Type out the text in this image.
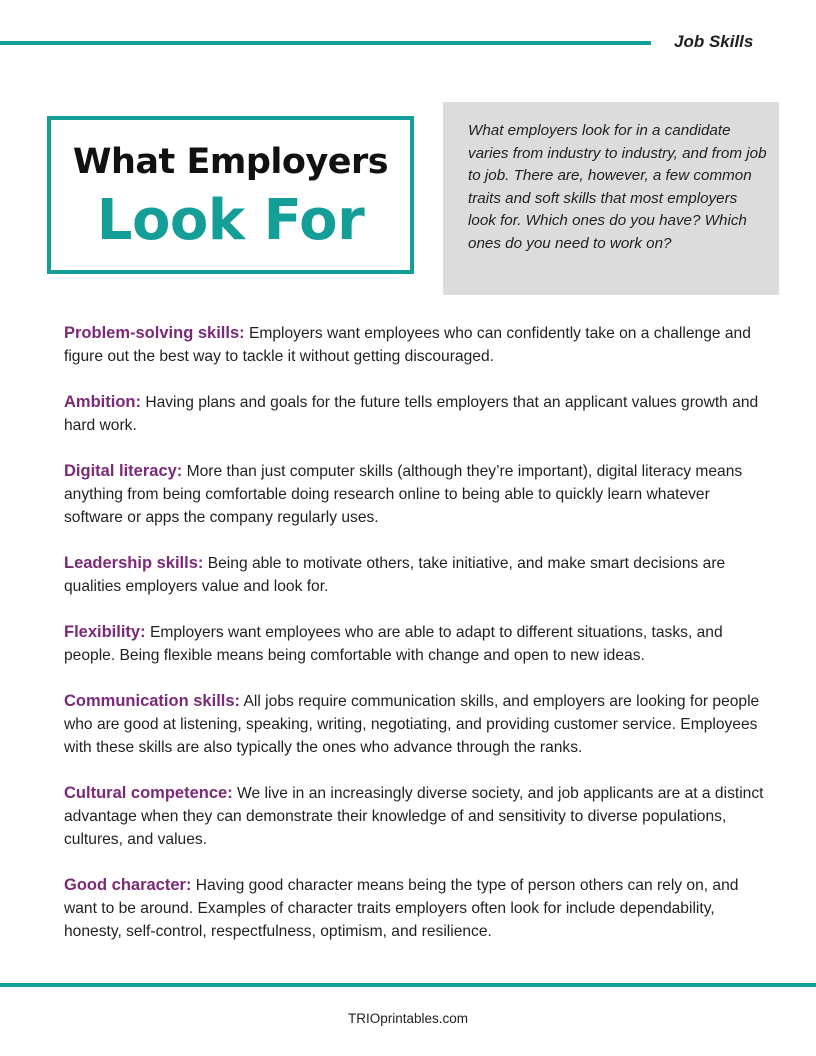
Job Skills
What Employers
Look For
What employers look for in a candidate varies from industry to industry, and from job to job. There are, however, a few common traits and soft skills that most employers look for. Which ones do you have? Which ones do you need to work on?

Problem-solving skills: Employers want employees who can confidently take on a challenge and figure out the best way to tackle it without getting discouraged.

Ambition: Having plans and goals for the future tells employers that an applicant values growth and hard work.

Digital literacy: More than just computer skills (although they’re important), digital literacy means anything from being comfortable doing research online to being able to quickly learn whatever software or apps the company regularly uses.

Leadership skills: Being able to motivate others, take initiative, and make smart decisions are qualities employers value and look for.

Flexibility: Employers want employees who are able to adapt to different situations, tasks, and people. Being flexible means being comfortable with change and open to new ideas.

Communication skills: All jobs require communication skills, and employers are looking for people who are good at listening, speaking, writing, negotiating, and providing customer service. Employees with these skills are also typically the ones who advance through the ranks.

Cultural competence: We live in an increasingly diverse society, and job applicants are at a distinct advantage when they can demonstrate their knowledge of and sensitivity to diverse populations, cultures, and values.

Good character: Having good character means being the type of person others can rely on, and want to be around. Examples of character traits employers often look for include dependability, honesty, self-control, respectfulness, optimism, and resilience.

TRIOprintables.com
